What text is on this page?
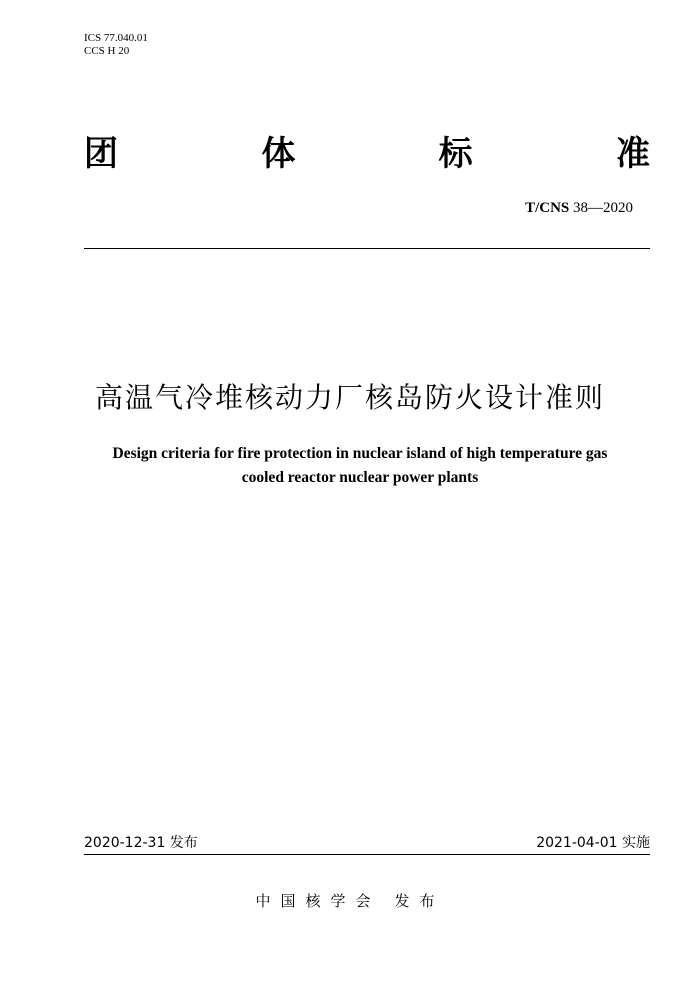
ICS 77.040.01
CCS H 20
团	体	标	准
T/CNS 38—2020
高温气冷堆核动力厂核岛防火设计准则
Design criteria for fire protection in nuclear island of high temperature gas
cooled reactor nuclear power plants
2020-12-31 发布	2021-04-01 实施
中国核学会 发布
